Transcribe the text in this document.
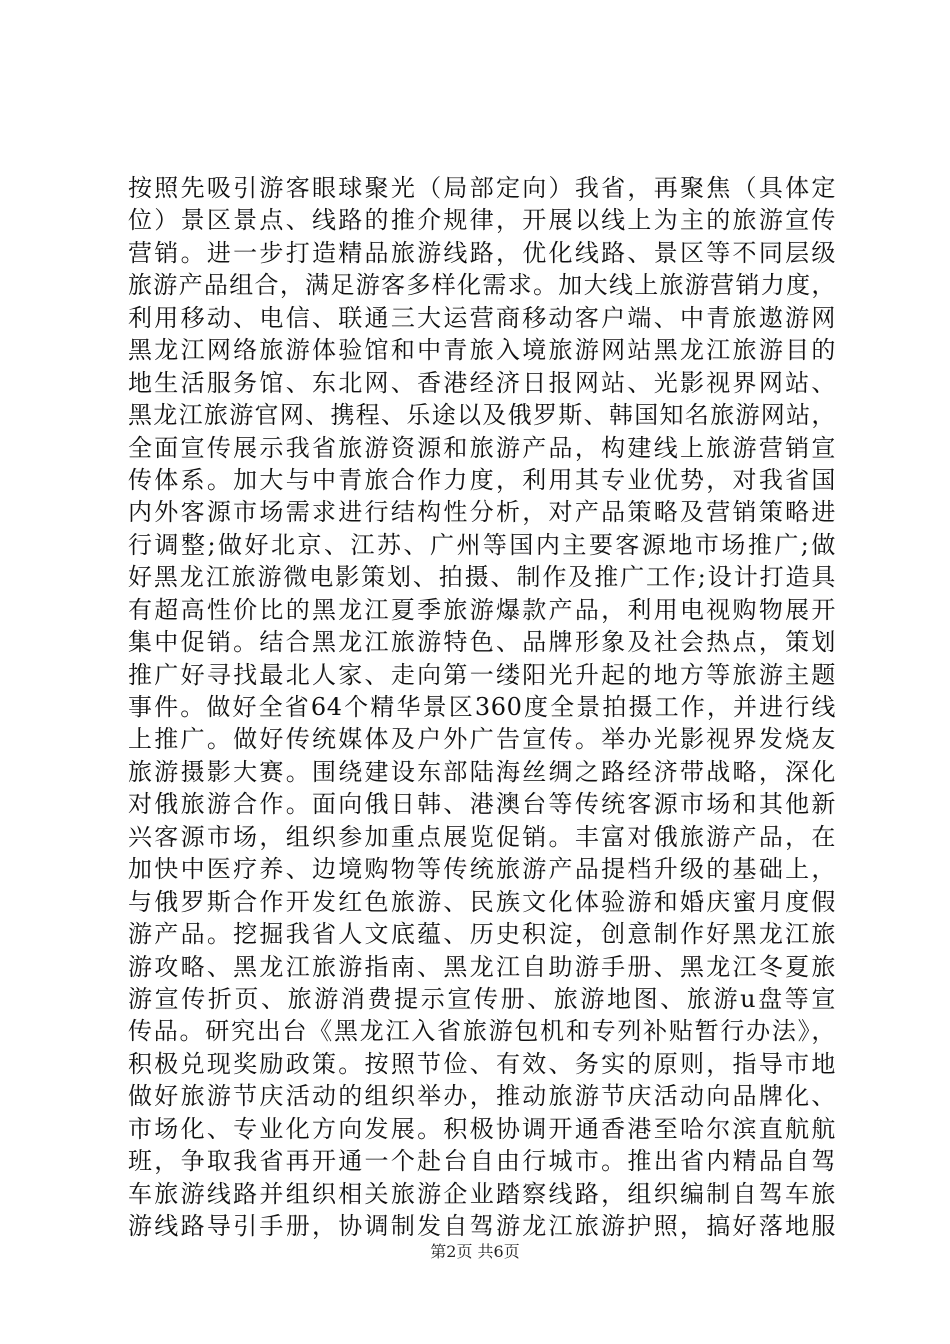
按照先吸引游客眼球聚光（局部定向）我省，再聚焦（具体定
位）景区景点、线路的推介规律，开展以线上为主的旅游宣传
营销。进一步打造精品旅游线路，优化线路、景区等不同层级
旅游产品组合，满足游客多样化需求。加大线上旅游营销力度，
利用移动、电信、联通三大运营商移动客户端、中青旅遨游网
黑龙江网络旅游体验馆和中青旅入境旅游网站黑龙江旅游目的
地生活服务馆、东北网、香港经济日报网站、光影视界网站、
黑龙江旅游官网、携程、乐途以及俄罗斯、韩国知名旅游网站，
全面宣传展示我省旅游资源和旅游产品，构建线上旅游营销宣
传体系。加大与中青旅合作力度，利用其专业优势，对我省国
内外客源市场需求进行结构性分析，对产品策略及营销策略进
行调整;做好北京、江苏、广州等国内主要客源地市场推广;做
好黑龙江旅游微电影策划、拍摄、制作及推广工作;设计打造具
有超高性价比的黑龙江夏季旅游爆款产品，利用电视购物展开
集中促销。结合黑龙江旅游特色、品牌形象及社会热点，策划
推广好寻找最北人家、走向第一缕阳光升起的地方等旅游主题
事件。做好全省64个精华景区360度全景拍摄工作，并进行线
上推广。做好传统媒体及户外广告宣传。举办光影视界发烧友
旅游摄影大赛。围绕建设东部陆海丝绸之路经济带战略，深化
对俄旅游合作。面向俄日韩、港澳台等传统客源市场和其他新
兴客源市场，组织参加重点展览促销。丰富对俄旅游产品，在
加快中医疗养、边境购物等传统旅游产品提档升级的基础上，
与俄罗斯合作开发红色旅游、民族文化体验游和婚庆蜜月度假
游产品。挖掘我省人文底蕴、历史积淀，创意制作好黑龙江旅
游攻略、黑龙江旅游指南、黑龙江自助游手册、黑龙江冬夏旅
游宣传折页、旅游消费提示宣传册、旅游地图、旅游u盘等宣
传品。研究出台《黑龙江入省旅游包机和专列补贴暂行办法》，
积极兑现奖励政策。按照节俭、有效、务实的原则，指导市地
做好旅游节庆活动的组织举办，推动旅游节庆活动向品牌化、
市场化、专业化方向发展。积极协调开通香港至哈尔滨直航航
班，争取我省再开通一个赴台自由行城市。推出省内精品自驾
车旅游线路并组织相关旅游企业踏察线路，组织编制自驾车旅
游线路导引手册，协调制发自驾游龙江旅游护照，搞好落地服
第2页 共6页
